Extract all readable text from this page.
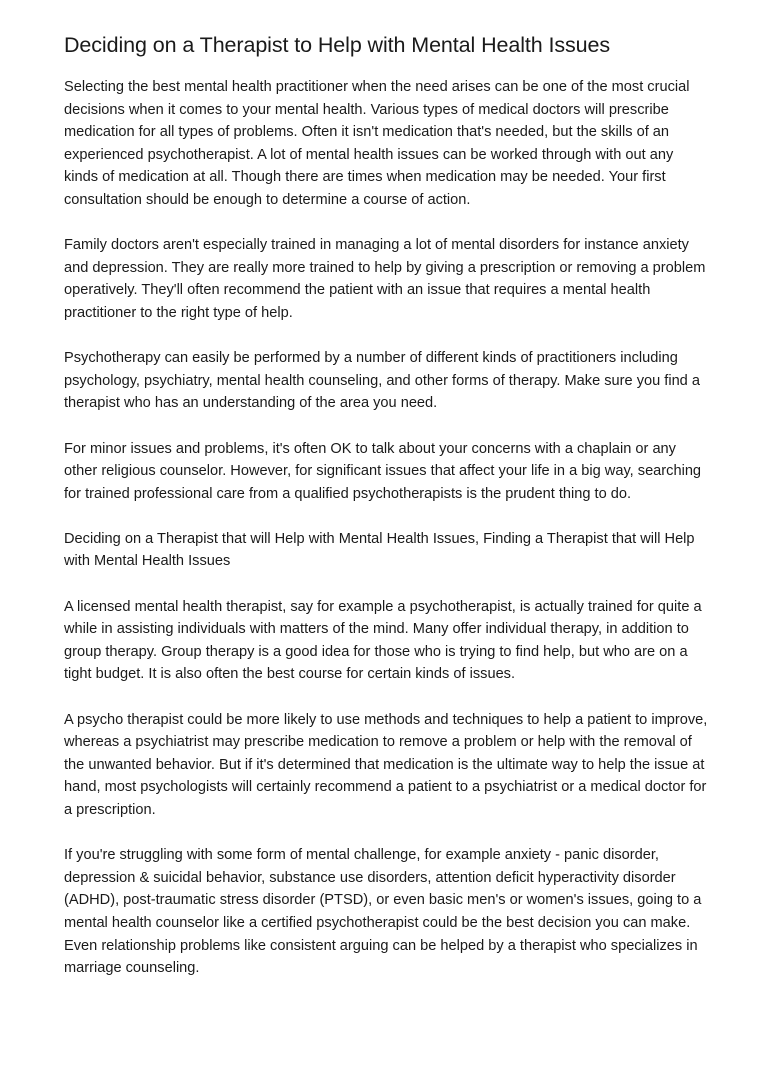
Deciding on a Therapist to Help with Mental Health Issues

Selecting the best mental health practitioner when the need arises can be one of the most crucial decisions when it comes to your mental health. Various types of medical doctors will prescribe medication for all types of problems. Often it isn't medication that's needed, but the skills of an experienced psychotherapist. A lot of mental health issues can be worked through with out any kinds of medication at all. Though there are times when medication may be needed. Your first consultation should be enough to determine a course of action.

Family doctors aren't especially trained in managing a lot of mental disorders for instance anxiety and depression. They are really more trained to help by giving a prescription or removing a problem operatively. They'll often recommend the patient with an issue that requires a mental health practitioner to the right type of help.

Psychotherapy can easily be performed by a number of different kinds of practitioners including psychology, psychiatry, mental health counseling, and other forms of therapy. Make sure you find a therapist who has an understanding of the area you need.

For minor issues and problems, it's often OK to talk about your concerns with a chaplain or any other religious counselor. However, for significant issues that affect your life in a big way, searching for trained professional care from a qualified psychotherapists is the prudent thing to do.

Deciding on a Therapist that will Help with Mental Health Issues, Finding a Therapist that will Help with Mental Health Issues

A licensed mental health therapist, say for example a psychotherapist, is actually trained for quite a while in assisting individuals with matters of the mind. Many offer individual therapy, in addition to group therapy. Group therapy is a good idea for those who is trying to find help, but who are on a tight budget. It is also often the best course for certain kinds of issues.

A psycho therapist could be more likely to use methods and techniques to help a patient to improve, whereas a psychiatrist may prescribe medication to remove a problem or help with the removal of the unwanted behavior. But if it's determined that medication is the ultimate way to help the issue at hand, most psychologists will certainly recommend a patient to a psychiatrist or a medical doctor for a prescription.

If you're struggling with some form of mental challenge, for example anxiety - panic disorder, depression & suicidal behavior, substance use disorders, attention deficit hyperactivity disorder (ADHD), post-traumatic stress disorder (PTSD), or even basic men's or women's issues, going to a mental health counselor like a certified psychotherapist could be the best decision you can make. Even relationship problems like consistent arguing can be helped by a therapist who specializes in marriage counseling.
